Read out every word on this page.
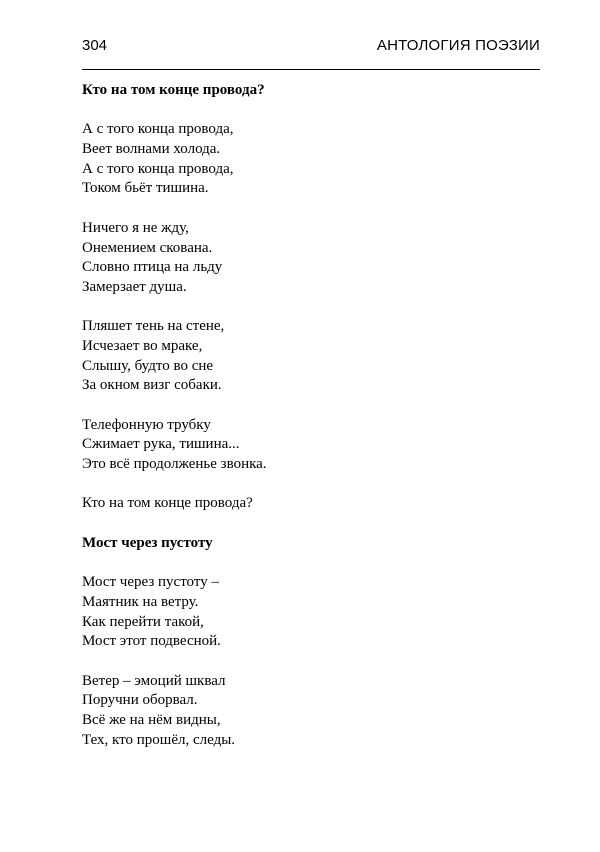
304	АНТОЛОГИЯ ПОЭЗИИ
Кто на том конце провода?
А с того конца провода,
Веет волнами холода.
А с того конца провода,
Током бьёт тишина.
Ничего я не жду,
Онемением скована.
Словно птица на льду
Замерзает душа.
Пляшет тень на стене,
Исчезает во мраке,
Слышу, будто во сне
За окном визг собаки.
Телефонную трубку
Сжимает рука, тишина...
Это всё продолженье звонка.
Кто на том конце провода?
Мост через пустоту
Мост через пустоту –
Маятник на ветру.
Как перейти такой,
Мост этот подвесной.
Ветер – эмоций шквал
Поручни оборвал.
Всё же на нём видны,
Тех, кто прошёл, следы.
